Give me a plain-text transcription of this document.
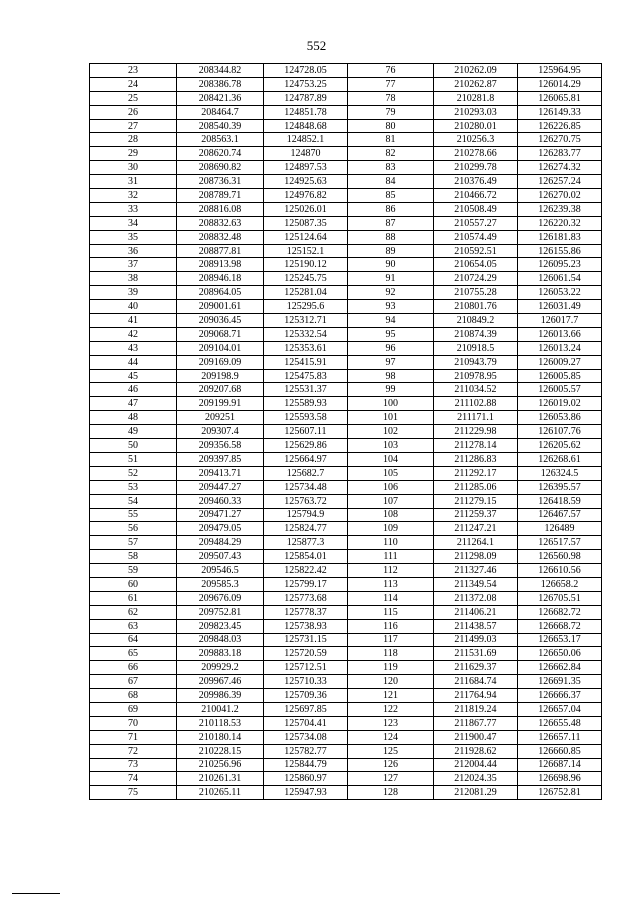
552
23	208344.82	124728.05	76	210262.09	125964.95
24	208386.78	124753.25	77	210262.87	126014.29
25	208421.36	124787.89	78	210281.8	126065.81
26	208464.7	124851.78	79	210293.03	126149.33
27	208540.39	124848.68	80	210280.01	126226.85
28	208563.1	124852.1	81	210256.3	126270.75
29	208620.74	124870	82	210278.66	126283.77
30	208690.82	124897.53	83	210299.78	126274.32
31	208736.31	124925.63	84	210376.49	126257.24
32	208789.71	124976.82	85	210466.72	126270.02
33	208816.08	125026.01	86	210508.49	126239.38
34	208832.63	125087.35	87	210557.27	126220.32
35	208832.48	125124.64	88	210574.49	126181.83
36	208877.81	125152.1	89	210592.51	126155.86
37	208913.98	125190.12	90	210654.05	126095.23
38	208946.18	125245.75	91	210724.29	126061.54
39	208964.05	125281.04	92	210755.28	126053.22
40	209001.61	125295.6	93	210801.76	126031.49
41	209036.45	125312.71	94	210849.2	126017.7
42	209068.71	125332.54	95	210874.39	126013.66
43	209104.01	125353.61	96	210918.5	126013.24
44	209169.09	125415.91	97	210943.79	126009.27
45	209198.9	125475.83	98	210978.95	126005.85
46	209207.68	125531.37	99	211034.52	126005.57
47	209199.91	125589.93	100	211102.88	126019.02
48	209251	125593.58	101	211171.1	126053.86
49	209307.4	125607.11	102	211229.98	126107.76
50	209356.58	125629.86	103	211278.14	126205.62
51	209397.85	125664.97	104	211286.83	126268.61
52	209413.71	125682.7	105	211292.17	126324.5
53	209447.27	125734.48	106	211285.06	126395.57
54	209460.33	125763.72	107	211279.15	126418.59
55	209471.27	125794.9	108	211259.37	126467.57
56	209479.05	125824.77	109	211247.21	126489
57	209484.29	125877.3	110	211264.1	126517.57
58	209507.43	125854.01	111	211298.09	126560.98
59	209546.5	125822.42	112	211327.46	126610.56
60	209585.3	125799.17	113	211349.54	126658.2
61	209676.09	125773.68	114	211372.08	126705.51
62	209752.81	125778.37	115	211406.21	126682.72
63	209823.45	125738.93	116	211438.57	126668.72
64	209848.03	125731.15	117	211499.03	126653.17
65	209883.18	125720.59	118	211531.69	126650.06
66	209929.2	125712.51	119	211629.37	126662.84
67	209967.46	125710.33	120	211684.74	126691.35
68	209986.39	125709.36	121	211764.94	126666.37
69	210041.2	125697.85	122	211819.24	126657.04
70	210118.53	125704.41	123	211867.77	126655.48
71	210180.14	125734.08	124	211900.47	126657.11
72	210228.15	125782.77	125	211928.62	126660.85
73	210256.96	125844.79	126	212004.44	126687.14
74	210261.31	125860.97	127	212024.35	126698.96
75	210265.11	125947.93	128	212081.29	126752.81
